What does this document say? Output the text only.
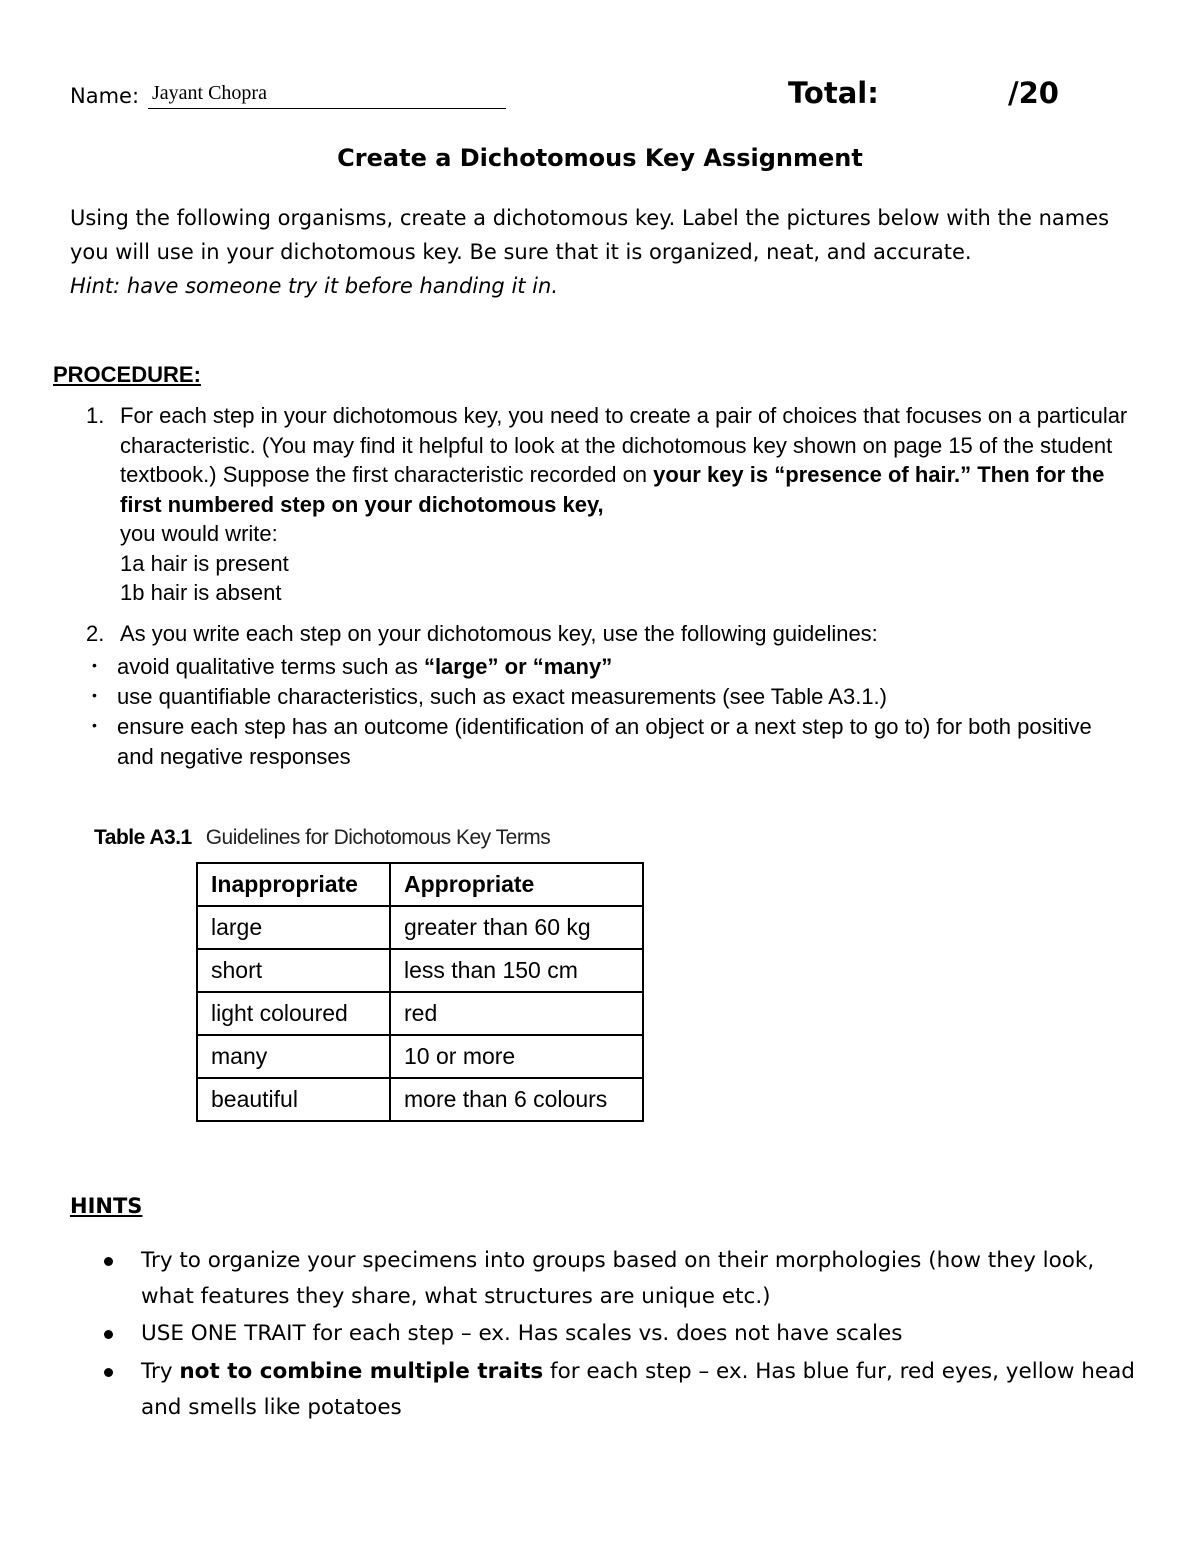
Name: Jayant Chopra	Total:	/20
Create a Dichotomous Key Assignment
Using the following organisms, create a dichotomous key. Label the pictures below with the names you will use in your dichotomous key. Be sure that it is organized, neat, and accurate.
Hint: have someone try it before handing it in.
PROCEDURE:
1. For each step in your dichotomous key, you need to create a pair of choices that focuses on a particular characteristic. (You may find it helpful to look at the dichotomous key shown on page 15 of the student textbook.) Suppose the first characteristic recorded on your key is “presence of hair.” Then for the first numbered step on your dichotomous key,
you would write:
1a hair is present
1b hair is absent
2. As you write each step on your dichotomous key, use the following guidelines:
• avoid qualitative terms such as “large” or “many”
• use quantifiable characteristics, such as exact measurements (see Table A3.1.)
• ensure each step has an outcome (identification of an object or a next step to go to) for both positive and negative responses
Table A3.1 Guidelines for Dichotomous Key Terms
Inappropriate	Appropriate
large	greater than 60 kg
short	less than 150 cm
light coloured	red
many	10 or more
beautiful	more than 6 colours
HINTS
Try to organize your specimens into groups based on their morphologies (how they look, what features they share, what structures are unique etc.)
USE ONE TRAIT for each step – ex. Has scales vs. does not have scales
Try not to combine multiple traits for each step – ex. Has blue fur, red eyes, yellow head and smells like potatoes
